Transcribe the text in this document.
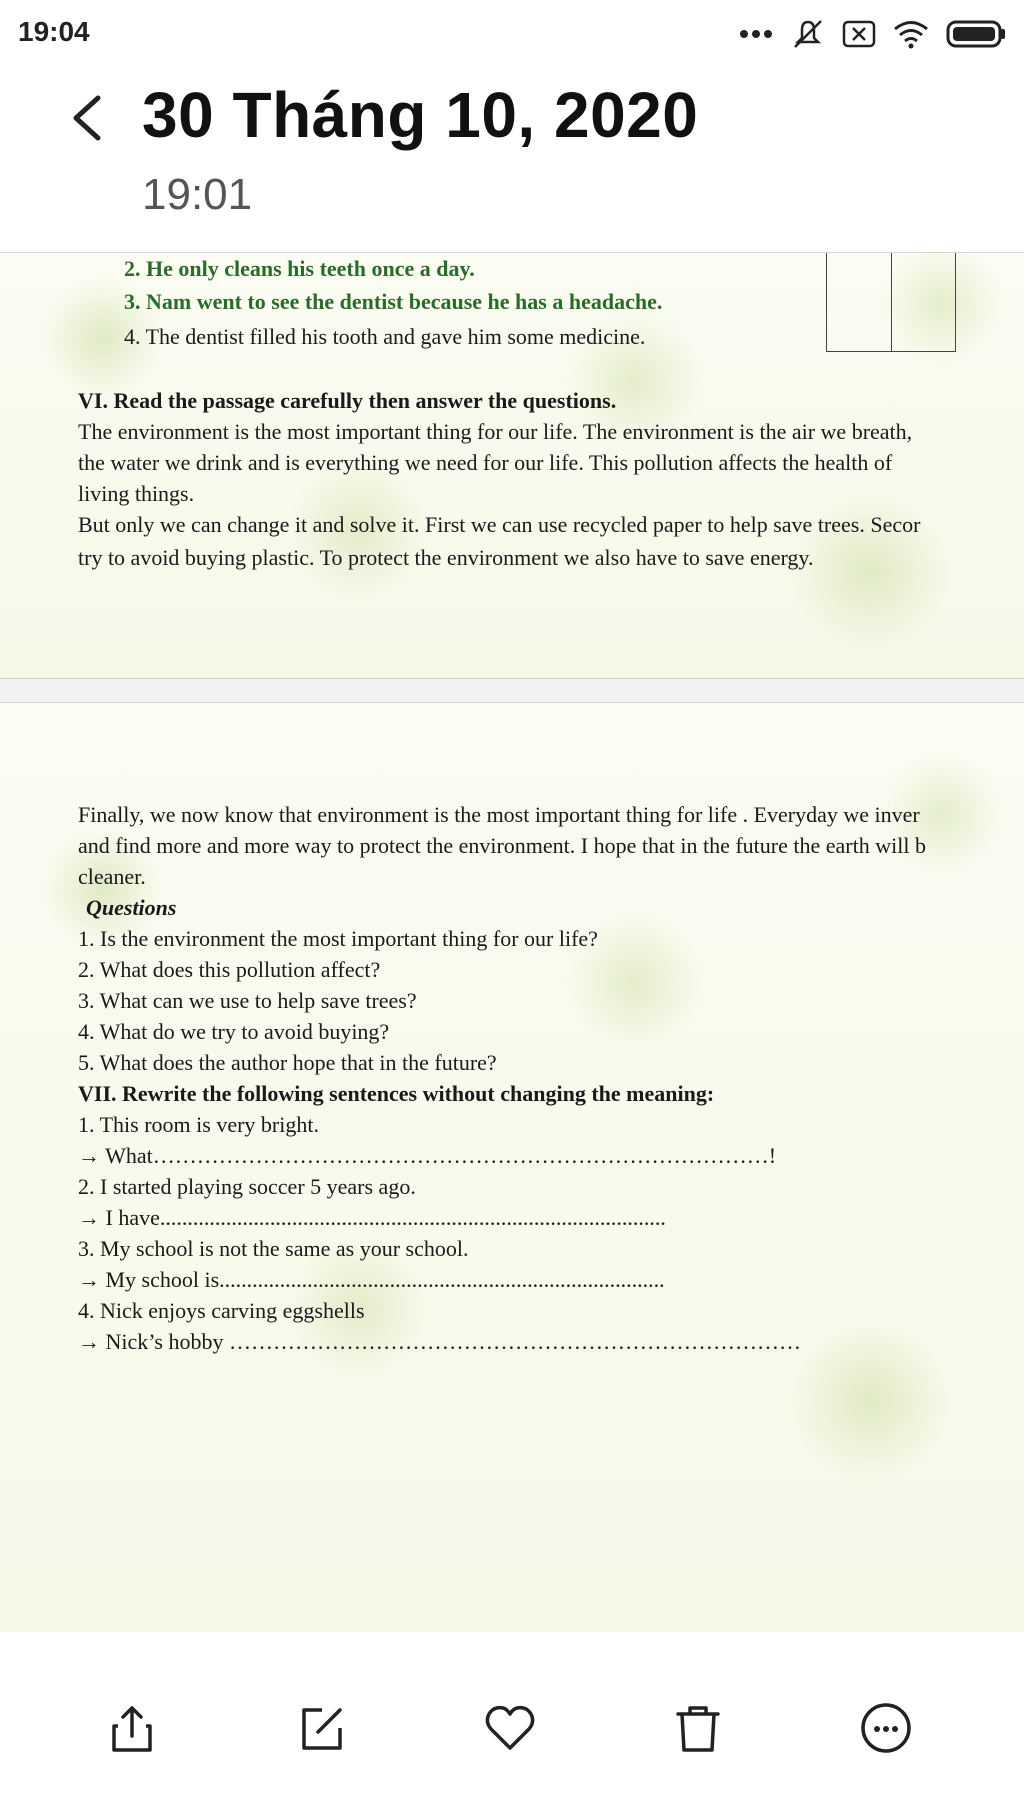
19:04
30 Tháng 10, 2020
19:01
2. He only cleans his teeth once a day.
3. Nam went to see the dentist because he has a headache.
4. The dentist filled his tooth and gave him some medicine.
VI. Read the passage carefully then answer the questions.
The environment is the most important thing for our life. The environment is the air we breath,
the water we drink and is everything we need for our life. This pollution affects the health of
living things.
But only we can change it and solve it. First we can use recycled paper to help save trees. Secor
try to avoid buying plastic. To protect the environment we also have to save energy.
Finally, we now know that environment is the most important thing for life . Everyday we inver
and find more and more way to protect the environment. I hope that in the future the earth will b
cleaner.
Questions
1. Is the environment the most important thing for our life?
2. What does this pollution affect?
3. What can we use to help save trees?
4. What do we try to avoid buying?
5. What does the author hope that in the future?
VII. Rewrite the following sentences without changing the meaning:
1. This room is very bright.
→ What…………………………………………………………………………!
2. I started playing soccer 5 years ago.
→ I have............................................................................................
3. My school is not the same as your school.
→ My school is.................................................................................
4. Nick enjoys carving eggshells
→ Nick’s hobby ……………………………………………………………………
